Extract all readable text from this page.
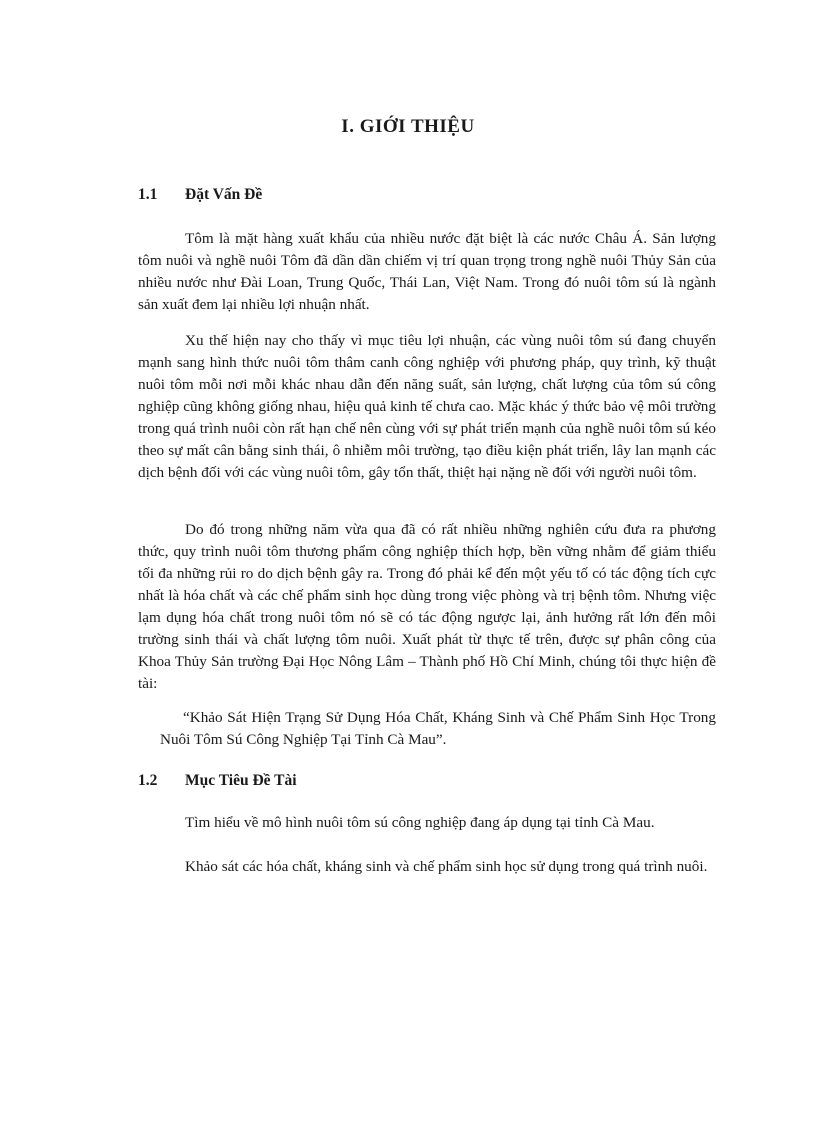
I. GIỚI THIỆU
1.1 Đặt Vấn Đề

Tôm là mặt hàng xuất khẩu của nhiều nước đặt biệt là các nước Châu Á. Sản lượng tôm nuôi và nghề nuôi Tôm đã dần dần chiếm vị trí quan trọng trong nghề nuôi Thủy Sản của nhiều nước như Đài Loan, Trung Quốc, Thái Lan, Việt Nam. Trong đó nuôi tôm sú là ngành sản xuất đem lại nhiều lợi nhuận nhất.

Xu thế hiện nay cho thấy vì mục tiêu lợi nhuận, các vùng nuôi tôm sú đang chuyển mạnh sang hình thức nuôi tôm thâm canh công nghiệp với phương pháp, quy trình, kỹ thuật nuôi tôm mỗi nơi mỗi khác nhau dẫn đến năng suất, sản lượng, chất lượng của tôm sú công nghiệp cũng không giống nhau, hiệu quả kinh tế chưa cao. Mặc khác ý thức bảo vệ môi trường trong quá trình nuôi còn rất hạn chế nên cùng với sự phát triển mạnh của nghề nuôi tôm sú kéo theo sự mất cân bằng sinh thái, ô nhiễm môi trường, tạo điều kiện phát triển, lây lan mạnh các dịch bệnh đối với các vùng nuôi tôm, gây tổn thất, thiệt hại nặng nề đối với người nuôi tôm.

Do đó trong những năm vừa qua đã có rất nhiều những nghiên cứu đưa ra phương thức, quy trình nuôi tôm thương phẩm công nghiệp thích hợp, bền vững nhằm để giảm thiểu tối đa những rủi ro do dịch bệnh gây ra. Trong đó phải kể đến một yếu tố có tác động tích cực nhất là hóa chất và các chế phẩm sinh học dùng trong việc phòng và trị bệnh tôm. Nhưng việc lạm dụng hóa chất trong nuôi tôm nó sẽ có tác động ngược lại, ảnh hưởng rất lớn đến môi trường sinh thái và chất lượng tôm nuôi. Xuất phát từ thực tế trên, được sự phân công của Khoa Thủy Sản trường Đại Học Nông Lâm – Thành phố Hồ Chí Minh, chúng tôi thực hiện đề tài:

“Khảo Sát Hiện Trạng Sử Dụng Hóa Chất, Kháng Sinh và Chế Phẩm Sinh Học Trong Nuôi Tôm Sú Công Nghiệp Tại Tỉnh Cà Mau”.

1.2 Mục Tiêu Đề Tài

Tìm hiểu về mô hình nuôi tôm sú công nghiệp đang áp dụng tại tỉnh Cà Mau.

Khảo sát các hóa chất, kháng sinh và chế phẩm sinh học sử dụng trong quá trình nuôi.
